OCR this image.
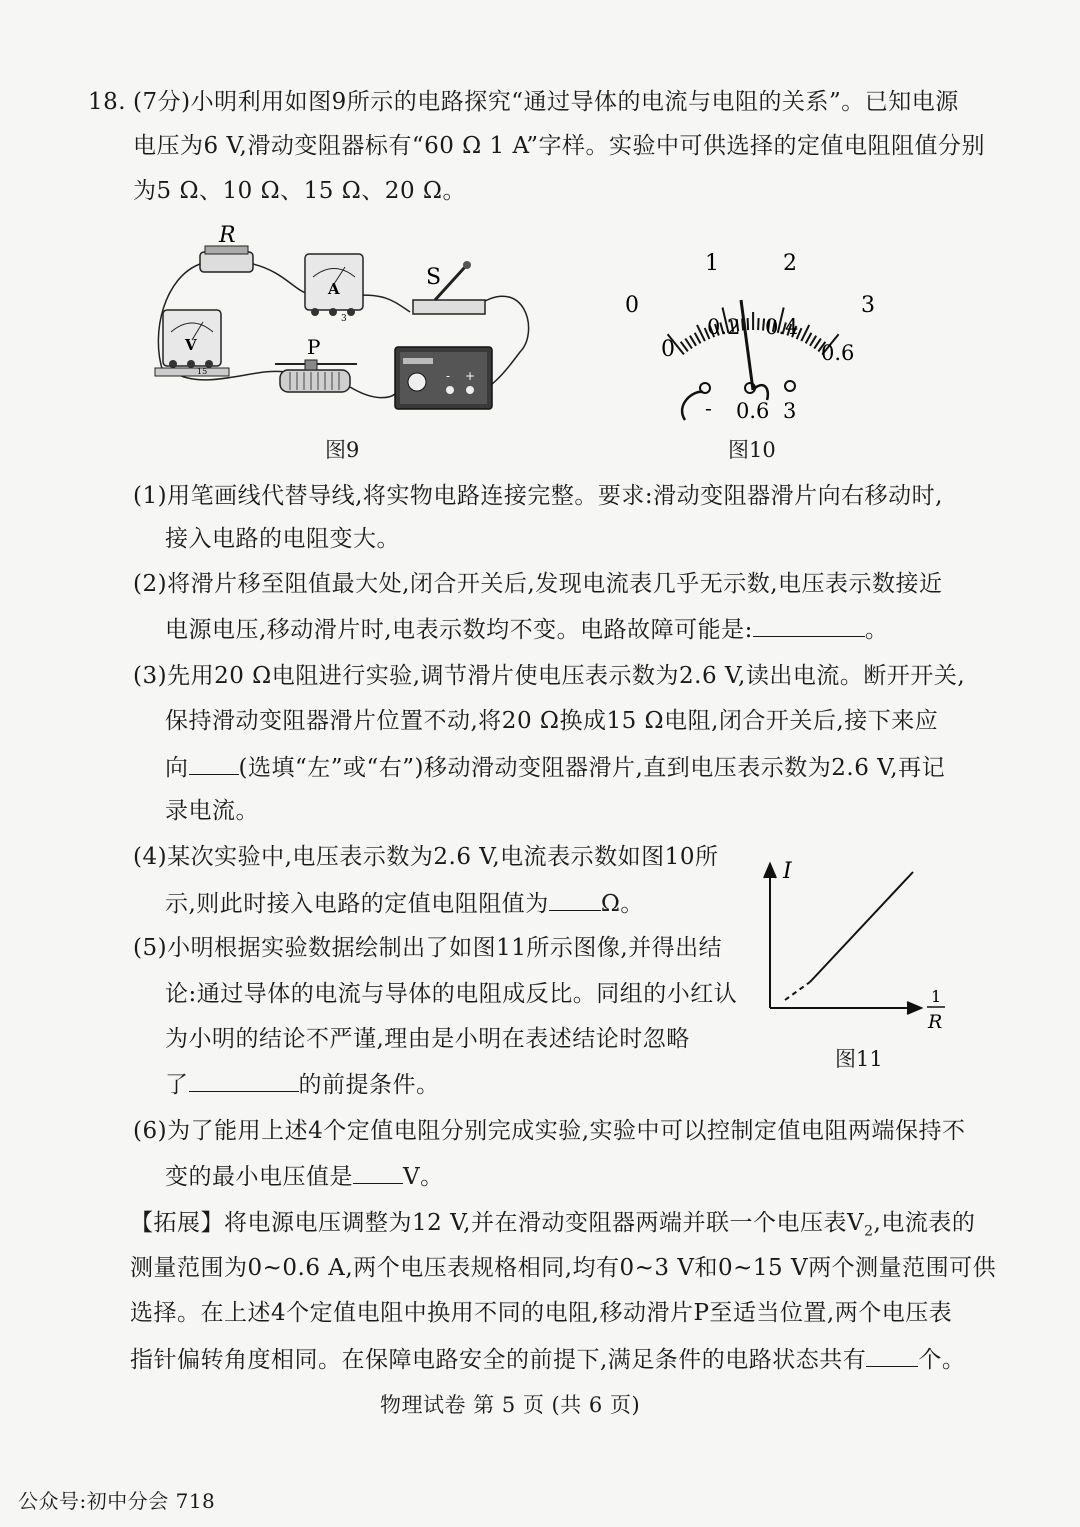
18. (7分)小明利用如图9所示的电路探究“通过导体的电流与电阻的关系”。已知电源
电压为6 V,滑动变阻器标有“60 Ω 1 A”字样。实验中可供选择的定值电阻阻值分别
为5 Ω、10 Ω、15 Ω、20 Ω。
R
A
3
V
15
S
P
- +
图9
0
1	2
3
0
0.2 0.4
0.6
- 0.6 3
图10
(1)用笔画线代替导线,将实物电路连接完整。要求:滑动变阻器滑片向右移动时,
接入电路的电阻变大。
(2)将滑片移至阻值最大处,闭合开关后,发现电流表几乎无示数,电压表示数接近
电源电压,移动滑片时,电表示数均不变。电路故障可能是:	。
(3)先用20 Ω电阻进行实验,调节滑片使电压表示数为2.6 V,读出电流。断开开关,
保持滑动变阻器滑片位置不动,将20 Ω换成15 Ω电阻,闭合开关后,接下来应
向 (选填“左”或“右”)移动滑动变阻器滑片,直到电压表示数为2.6 V,再记
录电流。
(4)某次实验中,电压表示数为2.6 V,电流表示数如图10所
示,则此时接入电路的定值电阻阻值为 Ω。
(5)小明根据实验数据绘制出了如图11所示图像,并得出结
论:通过导体的电流与导体的电阻成反比。同组的小红认
为小明的结论不严谨,理由是小明在表述结论时忽略
了	的前提条件。
I
1
R
图11
(6)为了能用上述4个定值电阻分别完成实验,实验中可以控制定值电阻两端保持不
变的最小电压值是 V。
【拓展】将电源电压调整为12 V,并在滑动变阻器两端并联一个电压表$V_2$,电流表的
测量范围为0~0.6 A,两个电压表规格相同,均有0~3 V和0~15 V两个测量范围可供
选择。在上述4个定值电阻中换用不同的电阻,移动滑片P至适当位置,两个电压表
指针偏转角度相同。在保障电路安全的前提下,满足条件的电路状态共有 个。
物理试卷 第 5 页 (共 6 页)
公众号:初中分会 718
